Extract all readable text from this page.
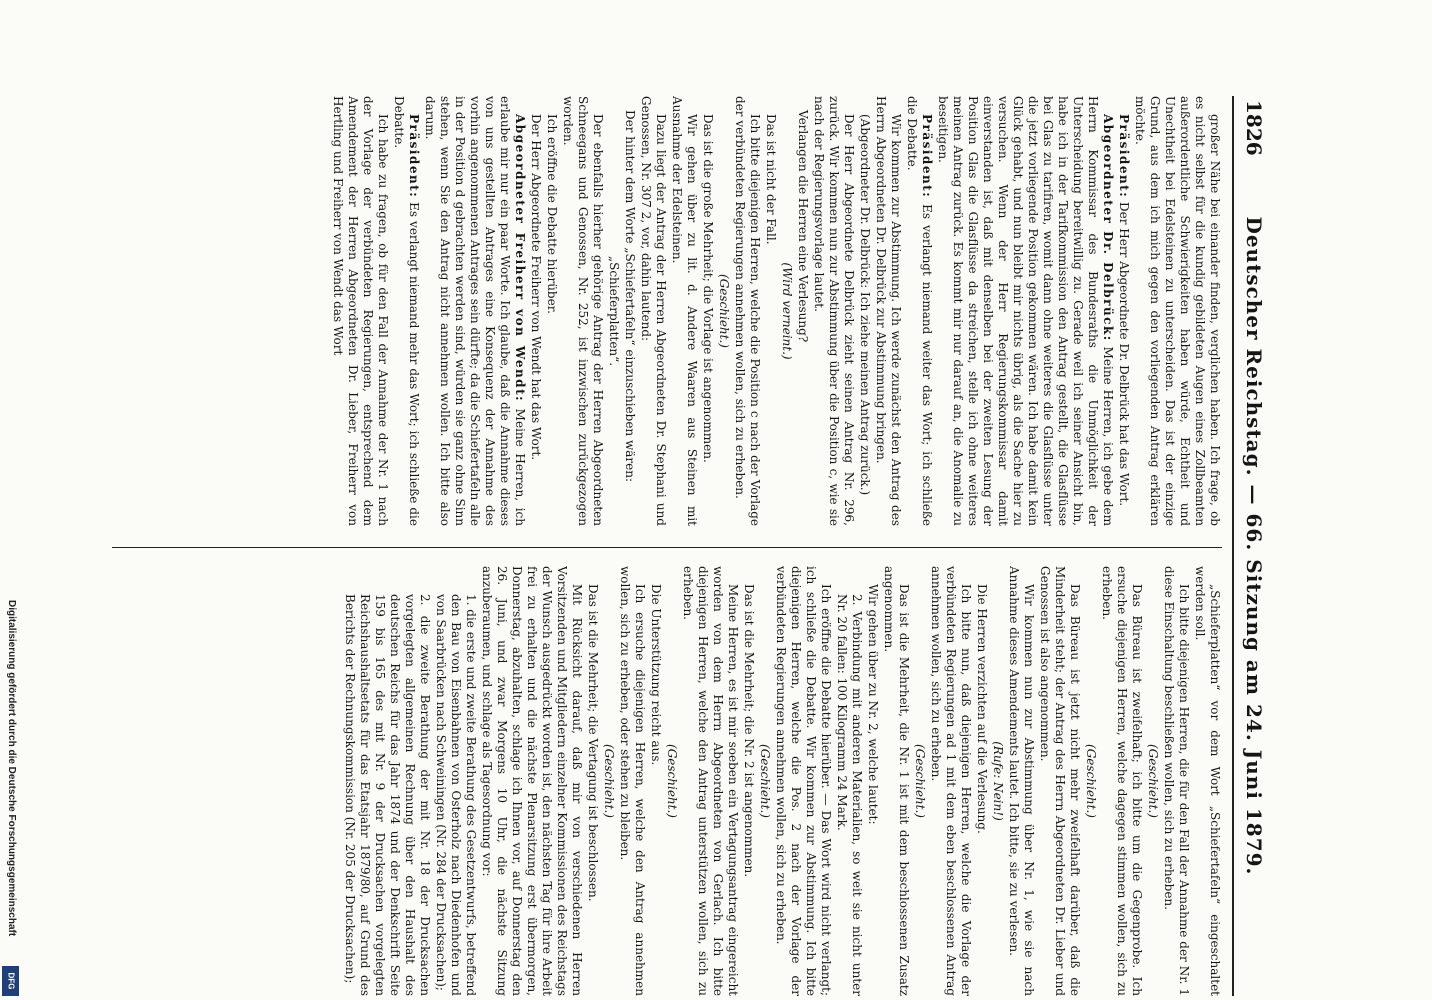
1826
Deutscher Reichstag. — 66. Sitzung am 24. Juni 1879.

großer Nähe bei einander finden, verglichen haben. Ich frage, ob es nicht selbst für die kundig gebildeten Augen eines Zollbeamten außerordentliche Schwierigkeiten haben würde, Echtheit und Unechtheit bei Edelsteinen zu unterscheiden. Das ist der einzige Grund, aus dem ich mich gegen den vorliegenden Antrag erklären möchte.

Präsident: Der Herr Abgeordnete Dr. Delbrück hat das Wort.

Abgeordneter Dr. Delbrück: Meine Herren, ich gebe dem Herrn Kommissar des Bundesraths die Unmöglichkeit der Unterscheidung bereitwillig zu. Gerade weil ich seiner Ansicht bin, habe ich in der Tarifkommission den Antrag gestellt, die Glasflüsse bei Glas zu tarifiren, womit dann ohne weiteres die Glasflüsse unter die jetzt vorliegende Position gekommen wären. Ich habe damit kein Glück gehabt, und nun bleibt mir nichts übrig, als die Sache hier zu versuchen. Wenn der Herr Regierungskommissar damit einverstanden ist, daß mit denselben bei der zweiten Lesung der Position Glas die Glasflüsse da streichen, stelle ich ohne weiteres meinen Antrag zurück. Es kommt mir nur darauf an, die Anomalie zu beseitigen.

Präsident: Es verlangt niemand weiter das Wort; ich schließe die Debatte.

Wir kommen zur Abstimmung. Ich werde zunächst den Antrag des Herrn Abgeordneten Dr. Delbrück zur Abstimmung bringen.

(Abgeordneter Dr. Delbrück: Ich ziehe meinen Antrag zurück.)

Der Herr Abgeordnete Delbrück zieht seinen Antrag Nr. 296, zurück. Wir kommen nun zur Abstimmung über die Position c, wie sie nach der Regierungsvorlage lautet.

Verlangen die Herren eine Verlesung?

(Wird verneint.)

Das ist nicht der Fall.

Ich bitte diejenigen Herren, welche die Position c nach der Vorlage der verbündeten Regierungen annehmen wollen, sich zu erheben.

(Geschieht.)

Das ist die große Mehrheit; die Vorlage ist angenommen.

Wir gehen über zu lit. d. Andere Waaren aus Steinen mit Ausnahme der Edelsteinen.

Dazu liegt der Antrag der Herren Abgeordneten Dr. Stephani und Genossen, Nr. 307 2, vor, dahin lautend:

Der hinter dem Worte „Schiefertafeln“ einzuschieben wären:

„Schieferplatten“.

Der ebenfalls hierher gehörige Antrag der Herren Abgeordneten Schneegans und Genossen, Nr. 252, ist inzwischen zurückgezogen worden.

Ich eröffne die Debatte hierüber.

Der Herr Abgeordnete Freiherr von Wendt hat das Wort.

Abgeordneter Freiherr von Wendt: Meine Herren, ich erlaube mir nur ein paar Worte. Ich glaube, daß die Annahme dieses von uns gestellten Antrages eine Konsequenz der Annahme des vorhin angenommenen Antrages sein dürfte; da die Schiefertafeln alle in der Position d gebrachten werden sind, würden sie ganz ohne Sinn stehen, wenn Sie den Antrag nicht annehmen wollen. Ich bitte also darum.

Präsident: Es verlangt niemand mehr das Wort; ich schließe die Debatte.

Ich habe zu fragen, ob für den Fall der Annahme der Nr. 1 nach der Vorlage der verbündeten Regierungen, entsprechend dem Amendement der Herren Abgeordneten Dr. Lieber, Freiherr von Hertling und Freiherr von Wendt das Wort

„Schieferplatten“ vor dem Wort „Schiefertafeln“ eingeschaltet werden soll.

Ich bitte diejenigen Herren, die für den Fall der Annahme der Nr. 1 diese Einschaltung beschließen wollen, sich zu erheben.

(Geschieht.)

Das Büreau ist zweifelhaft; ich bitte um die Gegenprobe. Ich ersuche diejenigen Herren, welche dagegen stimmen wollen, sich zu erheben.

(Geschieht.)

Das Büreau ist jetzt nicht mehr zweifelhaft darüber, daß die Minderheit steht; der Antrag des Herrn Abgeordneten Dr. Lieber und Genossen ist also angenommen.

Wir kommen nun zur Abstimmung über Nr. 1, wie sie nach Annahme dieses Amendements lautet. Ich bitte, sie zu verlesen.

(Rufe: Nein!)

Die Herren verzichten auf die Verlesung.

Ich bitte nun, daß diejenigen Herren, welche die Vorlage der verbündeten Regierungen ad 1 mit dem eben beschlossenen Antrag annehmen wollen, sich zu erheben.

(Geschieht.)

Das ist die Mehrheit, die Nr. 1 ist mit dem beschlossenen Zusatz angenommen.

Wir gehen über zu Nr. 2, welche lautet:

2. Verbindung mit anderen Materialien, so weit sie nicht unter Nr. 20 fallen: 100 Kilogramm 24 Mark.

Ich eröffne die Debatte hierüber. — Das Wort wird nicht verlangt; ich schließe die Debatte. Wir kommen zur Abstimmung. Ich bitte diejenigen Herren, welche die Pos. 2 nach der Vorlage der verbündeten Regierungen annehmen wollen, sich zu erheben.

(Geschieht.)

Das ist die Mehrheit; die Nr. 2 ist angenommen.

Meine Herren, es ist mir soeben ein Vertagungsantrag eingereicht worden von dem Herrn Abgeordneten von Gerlach. Ich bitte diejenigen Herren, welche den Antrag unterstützen wollen, sich zu erheben.

(Geschieht.)

Die Unterstützung reicht aus.

Ich ersuche diejenigen Herren, welche den Antrag annehmen wollen, sich zu erheben, oder stehen zu bleiben.

(Geschieht.)

Das ist die Mehrheit; die Vertagung ist beschlossen.

Mit Rücksicht darauf, daß mir von verschiedenen Herren Vorsitzenden und Mitgliedern einzelner Kommissionen des Reichstags der Wunsch ausgedrückt worden ist, den nächsten Tag für ihre Arbeit frei zu erhalten und die nächste Plenarsitzung erst übermorgen, Donnerstag, abzuhalten, schlage ich Ihnen vor, auf Donnerstag den 26. Juni, und zwar Morgens 10 Uhr, die nächste Sitzung anzuberaumen, und schlage als Tagesordnung vor:

1. die erste und zweite Berathung des Gesetzentwurfs, betreffend den Bau von Eisenbahnen von Osterholz nach Diedenhofen und von Saarbrücken nach Schweiningen (Nr. 284 der Drucksachen);

2. die zweite Berathung der mit Nr. 18 der Drucksachen vorgelegten allgemeinen Rechnung über den Haushalt des deutschen Reichs für das Jahr 1874 und der Denkschrift Seite 159 bis 165 des mit Nr. 9 der Drucksachen vorgelegten Reichshaushaltsetats für das Etatsjahr 1879/80, auf Grund des Berichts der Rechnungskommission (Nr. 205 der Drucksachen);

Digitalisierung gefördert durch die Deutsche Forschungsgemeinschaft
DFG
